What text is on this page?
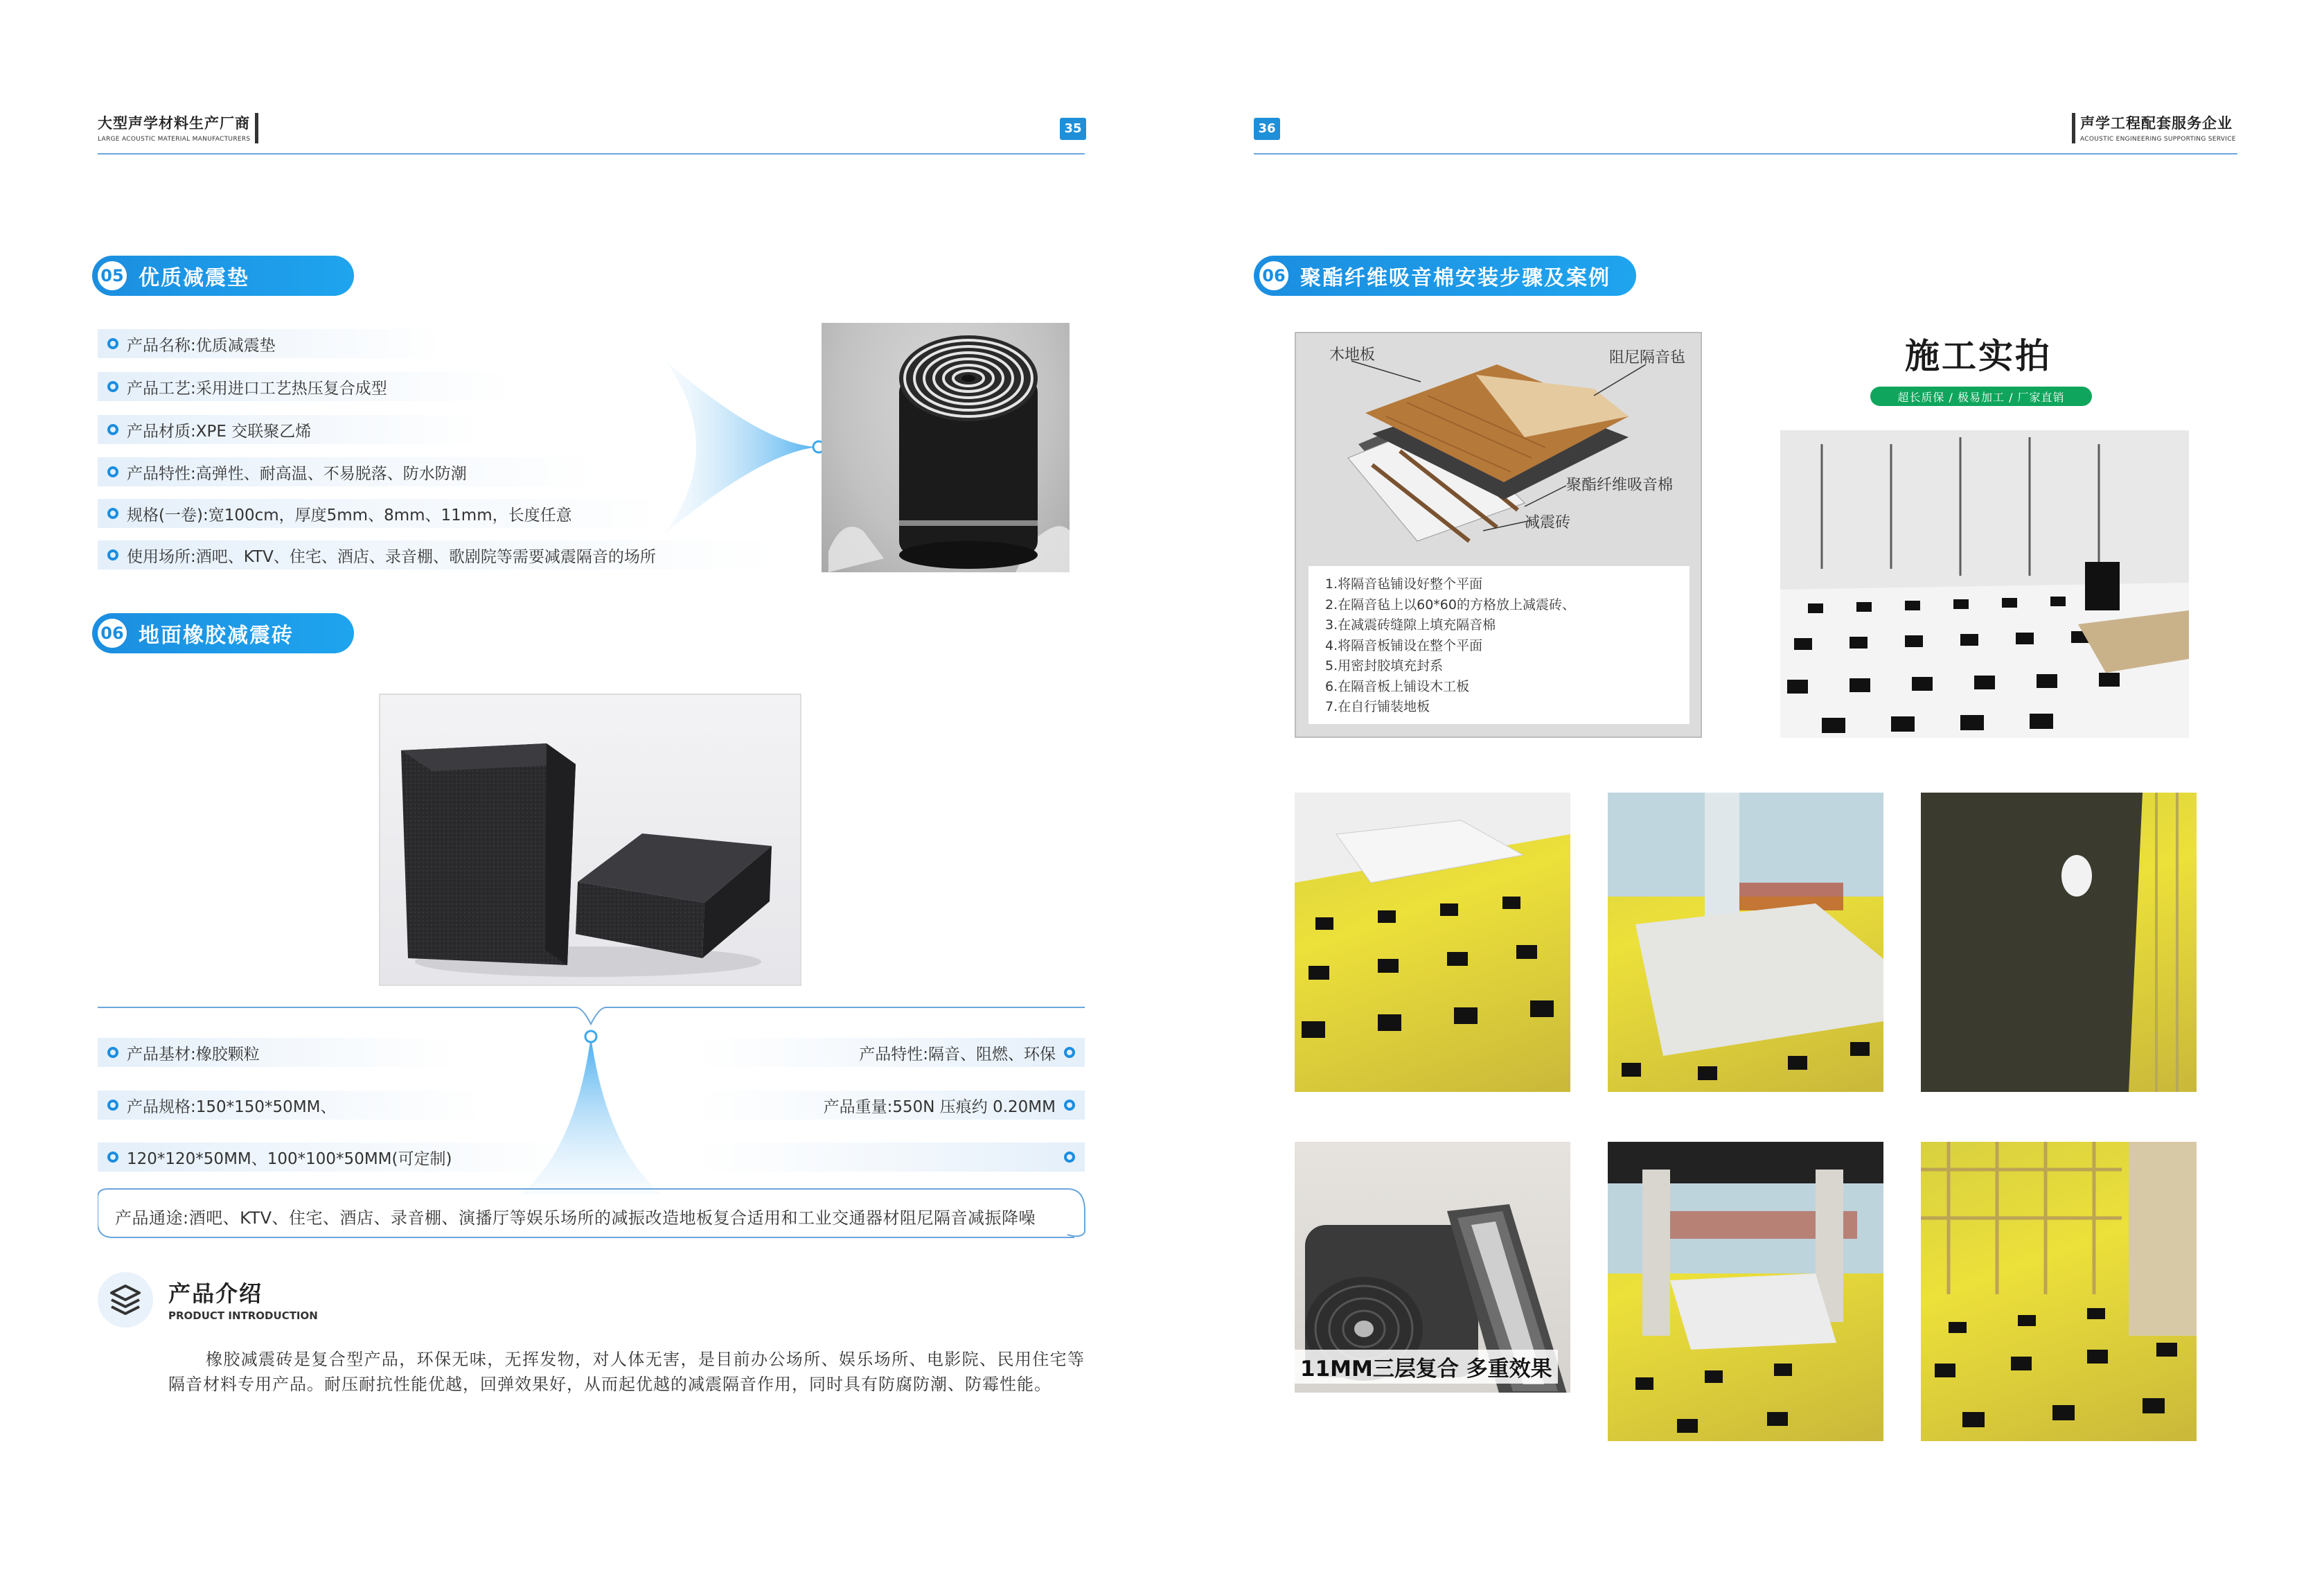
大型声学材料生产厂商
LARGE ACOUSTIC MATERIAL MANUFACTURERS
35
05 优质减震垫
产品名称:优质减震垫
产品工艺:采用进口工艺热压复合成型
产品材质:XPE 交联聚乙烯
产品特性:高弹性、耐高温、不易脱落、防水防潮
规格(一卷):宽100cm，厚度5mm、8mm、11mm，长度任意
使用场所:酒吧、KTV、住宅、酒店、录音棚、歌剧院等需要减震隔音的场所
06 地面橡胶减震砖
产品基材:橡胶颗粒
产品规格:150*150*50MM、
120*120*50MM、100*100*50MM(可定制)
产品特性:隔音、阻燃、环保
产品重量:550N 压痕约 0.20MM
产品通途:酒吧、KTV、住宅、酒店、录音棚、演播厅等娱乐场所的减振改造地板复合适用和工业交通器材阻尼隔音减振降噪
产品介绍
PRODUCT INTRODUCTION
橡胶减震砖是复合型产品，环保无味，无挥发物，对人体无害，是目前办公场所、娱乐场所、电影院、民用住宅等隔音材料专用产品。耐压耐抗性能优越，回弹效果好，从而起优越的减震隔音作用，同时具有防腐防潮、防霉性能。
36	声学工程配套服务企业
ACOUSTIC ENGINEERING SUPPORTING SERVICE
06 聚酯纤维吸音棉安装步骤及案例
木地板	阻尼隔音毡
聚酯纤维吸音棉
减震砖
1.将隔音毡铺设好整个平面
2.在隔音毡上以60*60的方格放上减震砖、
3.在减震砖缝隙上填充隔音棉
4.将隔音板铺设在整个平面
5.用密封胶填充封系
6.在隔音板上铺设木工板
7.在自行铺装地板
施工实拍
超长质保 / 极易加工 / 厂家直销
11MM三层复合 多重效果
